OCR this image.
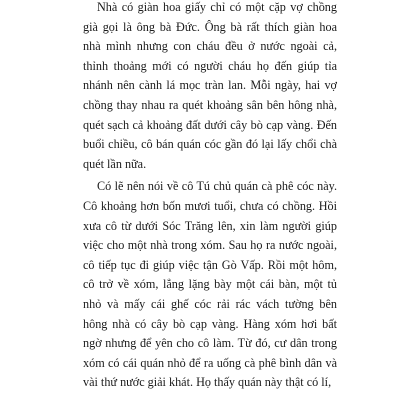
Nhà có giàn hoa giấy chỉ có một cặp vợ chồng già gọi là ông bà Đức. Ông bà rất thích giàn hoa nhà mình nhưng con cháu đều ở nước ngoài cả, thỉnh thoảng mới có người cháu họ đến giúp tỉa nhánh nên cành lá mọc tràn lan. Mỗi ngày, hai vợ chồng thay nhau ra quét khoảng sân bên hông nhà, quét sạch cả khoảng đất dưới cây bò cạp vàng. Đến buổi chiều, cô bán quán cóc gần đó lại lấy chổi chà quét lần nữa.

Có lẽ nên nói về cô Tú chủ quán cà phê cóc này. Cô khoảng hơn bốn mươi tuổi, chưa có chồng. Hồi xưa cô từ dưới Sóc Trăng lên, xin làm người giúp việc cho một nhà trong xóm. Sau họ ra nước ngoài, cô tiếp tục đi giúp việc tận Gò Vấp. Rồi một hôm, cô trở về xóm, lẳng lặng bày một cái bàn, một tủ nhỏ và mấy cái ghế cóc rải rác vách tường bên hông nhà có cây bò cạp vàng. Hàng xóm hơi bất ngờ nhưng để yên cho cô làm. Từ đó, cư dân trong xóm có cái quán nhỏ để ra uống cà phê bình dân và vài thứ nước giải khát. Họ thấy quán này thật có lí,
